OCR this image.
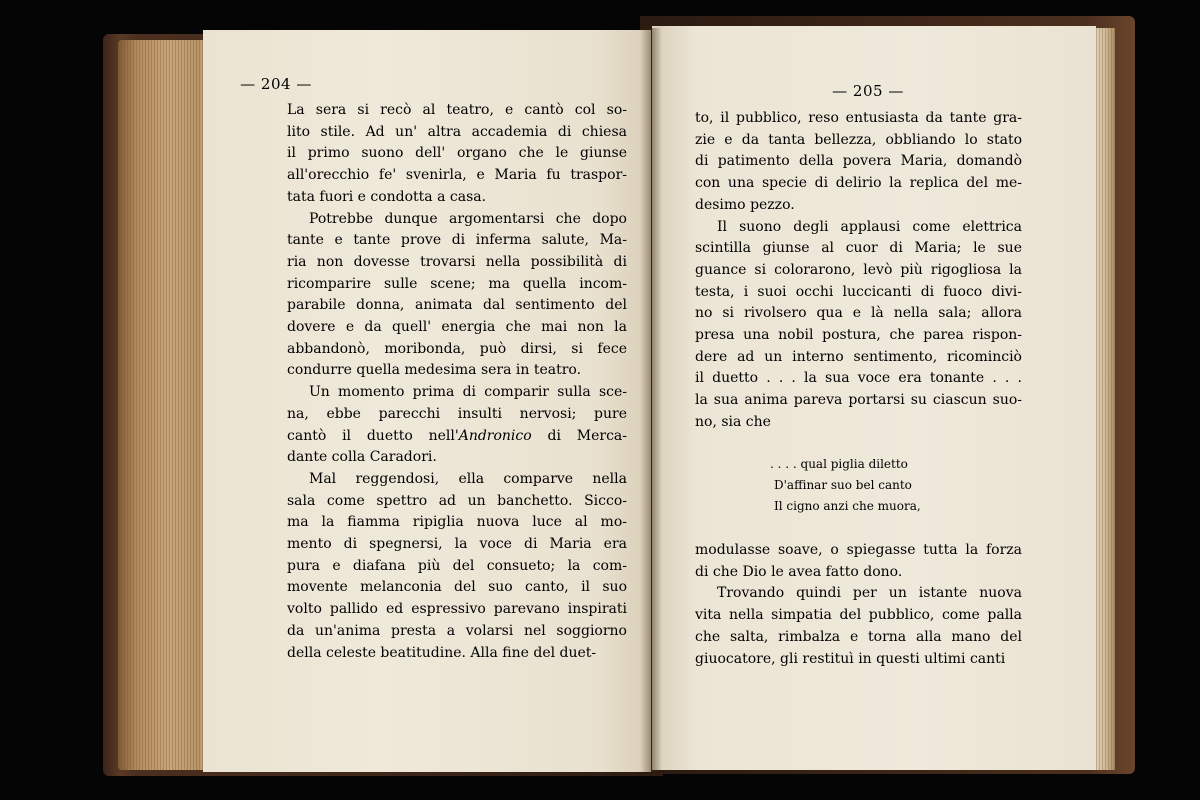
— 204 —	— 205 —
La sera si recò al teatro, e cantò col so-
lito stile. Ad un' altra accademia di chiesa
il primo suono dell' organo che le giunse
all'orecchio fe' svenirla, e Maria fu traspor-
tata fuori e condotta a casa.
Potrebbe dunque argomentarsi che dopo
tante e tante prove di inferma salute, Ma-
ria non dovesse trovarsi nella possibilità di
ricomparire sulle scene; ma quella incom-
parabile donna, animata dal sentimento del
dovere e da quell' energia che mai non la
abbandonò, moribonda, può dirsi, si fece
condurre quella medesima sera in teatro.
Un momento prima di comparir sulla sce-
na, ebbe parecchi insulti nervosi; pure
cantò il duetto nell'Andronico di Merca-
dante colla Caradori.
Mal reggendosi, ella comparve nella
sala come spettro ad un banchetto. Sicco-
ma la fiamma ripiglia nuova luce al mo-
mento di spegnersi, la voce di Maria era
pura e diafana più del consueto; la com-
movente melanconia del suo canto, il suo
volto pallido ed espressivo parevano inspirati
da un'anima presta a volarsi nel soggiorno
della celeste beatitudine. Alla fine del duet-
to, il pubblico, reso entusiasta da tante gra-
zie e da tanta bellezza, obbliando lo stato
di patimento della povera Maria, domandò
con una specie di delirio la replica del me-
desimo pezzo.
Il suono degli applausi come elettrica
scintilla giunse al cuor di Maria; le sue
guance si colorarono, levò più rigogliosa la
testa, i suoi occhi luccicanti di fuoco divi-
no si rivolsero qua e là nella sala; allora
presa una nobil postura, che parea rispon-
dere ad un interno sentimento, ricominciò
il duetto . . . la sua voce era tonante . . .
la sua anima pareva portarsi su ciascun suo-
no, sia che
. . . . qual piglia diletto
D'affinar suo bel canto
Il cigno anzi che muora,
modulasse soave, o spiegasse tutta la forza
di che Dio le avea fatto dono.
Trovando quindi per un istante nuova
vita nella simpatia del pubblico, come palla
che salta, rimbalza e torna alla mano del
giuocatore, gli restituì in questi ultimi canti
